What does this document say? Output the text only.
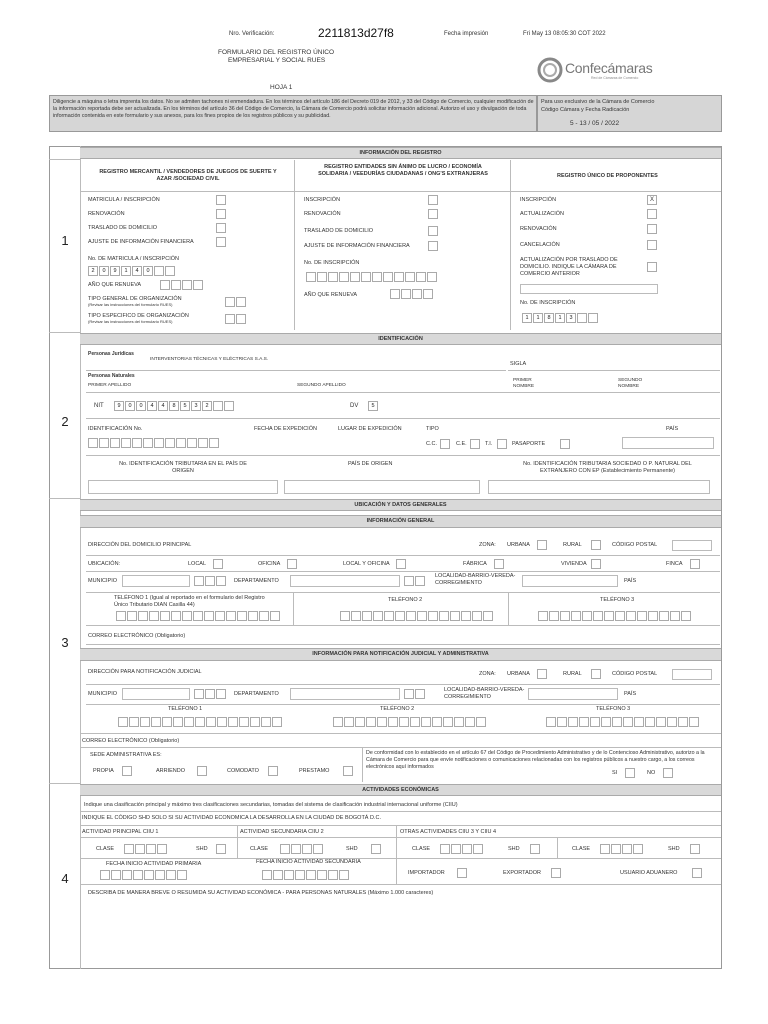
Nro. Verificación:	2211813d27f8	Fecha impresión	Fri May 13 08:05:30 COT 2022
FORMULARIO DEL REGISTRO ÚNICO
EMPRESARIAL Y SOCIAL RUES
HOJA 1
Confecámaras
Red de Cámaras de Comercio
Diligencie a máquina o letra imprenta los datos. No se admiten tachones ni enmendadura. En los términos del artículo 186 del Decreto 019 de 2012, y 33 del Código de Comercio, cualquier modificación de la información reportada debe ser actualizada. En los términos del artículo 36 del Código de Comercio, la Cámara de Comercio podrá solicitar información adicional. Autorizo el uso y divulgación de toda información contenida en este formulario y sus anexos, para los fines propios de los registros públicos y su publicidad.
Para uso exclusivo de la Cámara de Comercio
Código Cámara y Fecha Radicación
5 - 13 / 05 / 2022
INFORMACIÓN DEL REGISTRO
1
REGISTRO MERCANTIL / VENDEDORES DE JUEGOS DE SUERTE Y AZAR /SOCIEDAD CIVIL
MATRICULA / INSCRIPCIÓN
RENOVACIÓN
TRASLADO DE DOMICILIO
AJUSTE DE INFORMACIÓN FINANCIERA
No. DE MATRICULA / INSCRIPCIÓN
2	0	9	1	4	0
AÑO QUE RENUEVA
TIPO GENERAL DE ORGANIZACIÓN
(Revisar las instrucciones del formulario RUES)
TIPO ESPECIFICO DE ORGANIZACIÓN
(Revisar las instrucciones del formulario RUES)
REGISTRO ENTIDADES SIN ÁNIMO DE LUCRO / ECONOMÍA SOLIDARIA / VEEDURÍAS CIUDADANAS / ONG'S EXTRANJERAS
INSCRIPCIÓN
RENOVACIÓN
TRASLADO DE DOMICILIO
AJUSTE DE INFORMACIÓN FINANCIERA
No. DE INSCRIPCIÓN
AÑO QUE RENUEVA
REGISTRO ÚNICO DE PROPONENTES
INSCRIPCIÓN	X
ACTUALIZACIÓN
RENOVACIÓN
CANCELACIÓN
ACTUALIZACIÓN POR TRASLADO DE DOMICILIO. INDIQUE LA CÁMARA DE COMERCIO ANTERIOR
No. DE INSCRIPCIÓN
1	1	8	1	3
IDENTIFICACIÓN
2
Personas Jurídicas
INTERVENTORIAS TÉCNICAS Y ELÉCTRICAS S.A.S.
SIGLA
Personas Naturales
PRIMER APELLIDO	SEGUNDO APELLIDO
PRIMER NOMBRE
SEGUNDO NOMBRE
NIT	9	0	0	4	4	8	5	3	2	DV	5
IDENTIFICACIÓN No.	FECHA DE EXPEDICIÓN	LUGAR DE EXPEDICIÓN	TIPO	PAÍS
C.C.	C.E.	T.I.	PASAPORTE
No. IDENTIFICACIÓN TRIBUTARIA EN EL PAÍS DE ORIGEN
PAÍS DE ORIGEN	No. IDENTIFICACIÓN TRIBUTARIA SOCIEDAD O P. NATURAL DEL EXTRANJERO CON EP (Establecimiento Permanente)
UBICACIÓN Y DATOS GENERALES
INFORMACIÓN GENERAL
3
DIRECCIÓN DEL DOMICILIO PRINCIPAL	ZONA: URBANA	RURAL	CÓDIGO POSTAL
UBICACIÓN:	LOCAL	OFICINA	LOCAL Y OFICINA	FÁBRICA	VIVIENDA	FINCA
MUNICIPIO	DEPARTAMENTO
LOCALIDAD-BARRIO-VEREDA-CORREGIMIENTO	PAÍS
TELÉFONO 1 (Igual al reportado en el formulario del Registro Único Tributario DIAN Casilla 44)
TELÉFONO 2	TELÉFONO 3
CORREO ELECTRÓNICO (Obligatorio)
INFORMACIÓN PARA NOTIFICACIÓN JUDICIAL Y ADMINISTRATIVA
DIRECCIÓN PARA NOTIFICACIÓN JUDICIAL	ZONA: URBANA	RURAL	CÓDIGO POSTAL
MUNICIPIO	DEPARTAMENTO
LOCALIDAD-BARRIO-VEREDA-CORREGIMIENTO	PAÍS
TELÉFONO 1	TELÉFONO 2	TELÉFONO 3
CORREO ELECTRÓNICO (Obligatorio)
SEDE ADMINISTRATIVA ES:
PROPIA	ARRIENDO	COMODATO	PRESTAMO
De conformidad con lo establecido en el artículo 67 del Código de Procedimiento Administrativo y de lo Contencioso Administrativo, autorizo a la Cámara de Comercio para que envíe notificaciones o comunicaciones relacionadas con los registros públicos a nuestro cargo, a los correos electrónicos aquí informados
SI	NO
ACTIVIDADES ECONÓMICAS
4
Indique una clasificación principal y máximo tres clasificaciones secundarias, tomadas del sistema de clasificación industrial internacional uniforme (CIIU)
INDIQUE EL CÓDIGO SHD SOLO SI SU ACTIVIDAD ECONOMICA LA DESARROLLA EN LA CIUDAD DE BOGOTÁ D.C.
ACTIVIDAD PRINCIPAL CIIU 1	ACTIVIDAD SECUNDARIA CIIU 2	OTRAS ACTIVIDADES CIIU 3 Y CIIU 4
CLASE	SHD	CLASE	SHD	CLASE	SHD	CLASE	SHD
FECHA INICIO ACTIVIDAD PRIMARIA	FECHA INICIO ACTIVIDAD SECUNDARIA
IMPORTADOR	EXPORTADOR	USUARIO ADUANERO
DESCRIBA DE MANERA BREVE O RESUMIDA SU ACTIVIDAD ECONÓMICA - PARA PERSONAS NATURALES (Máximo 1.000 caracteres)
